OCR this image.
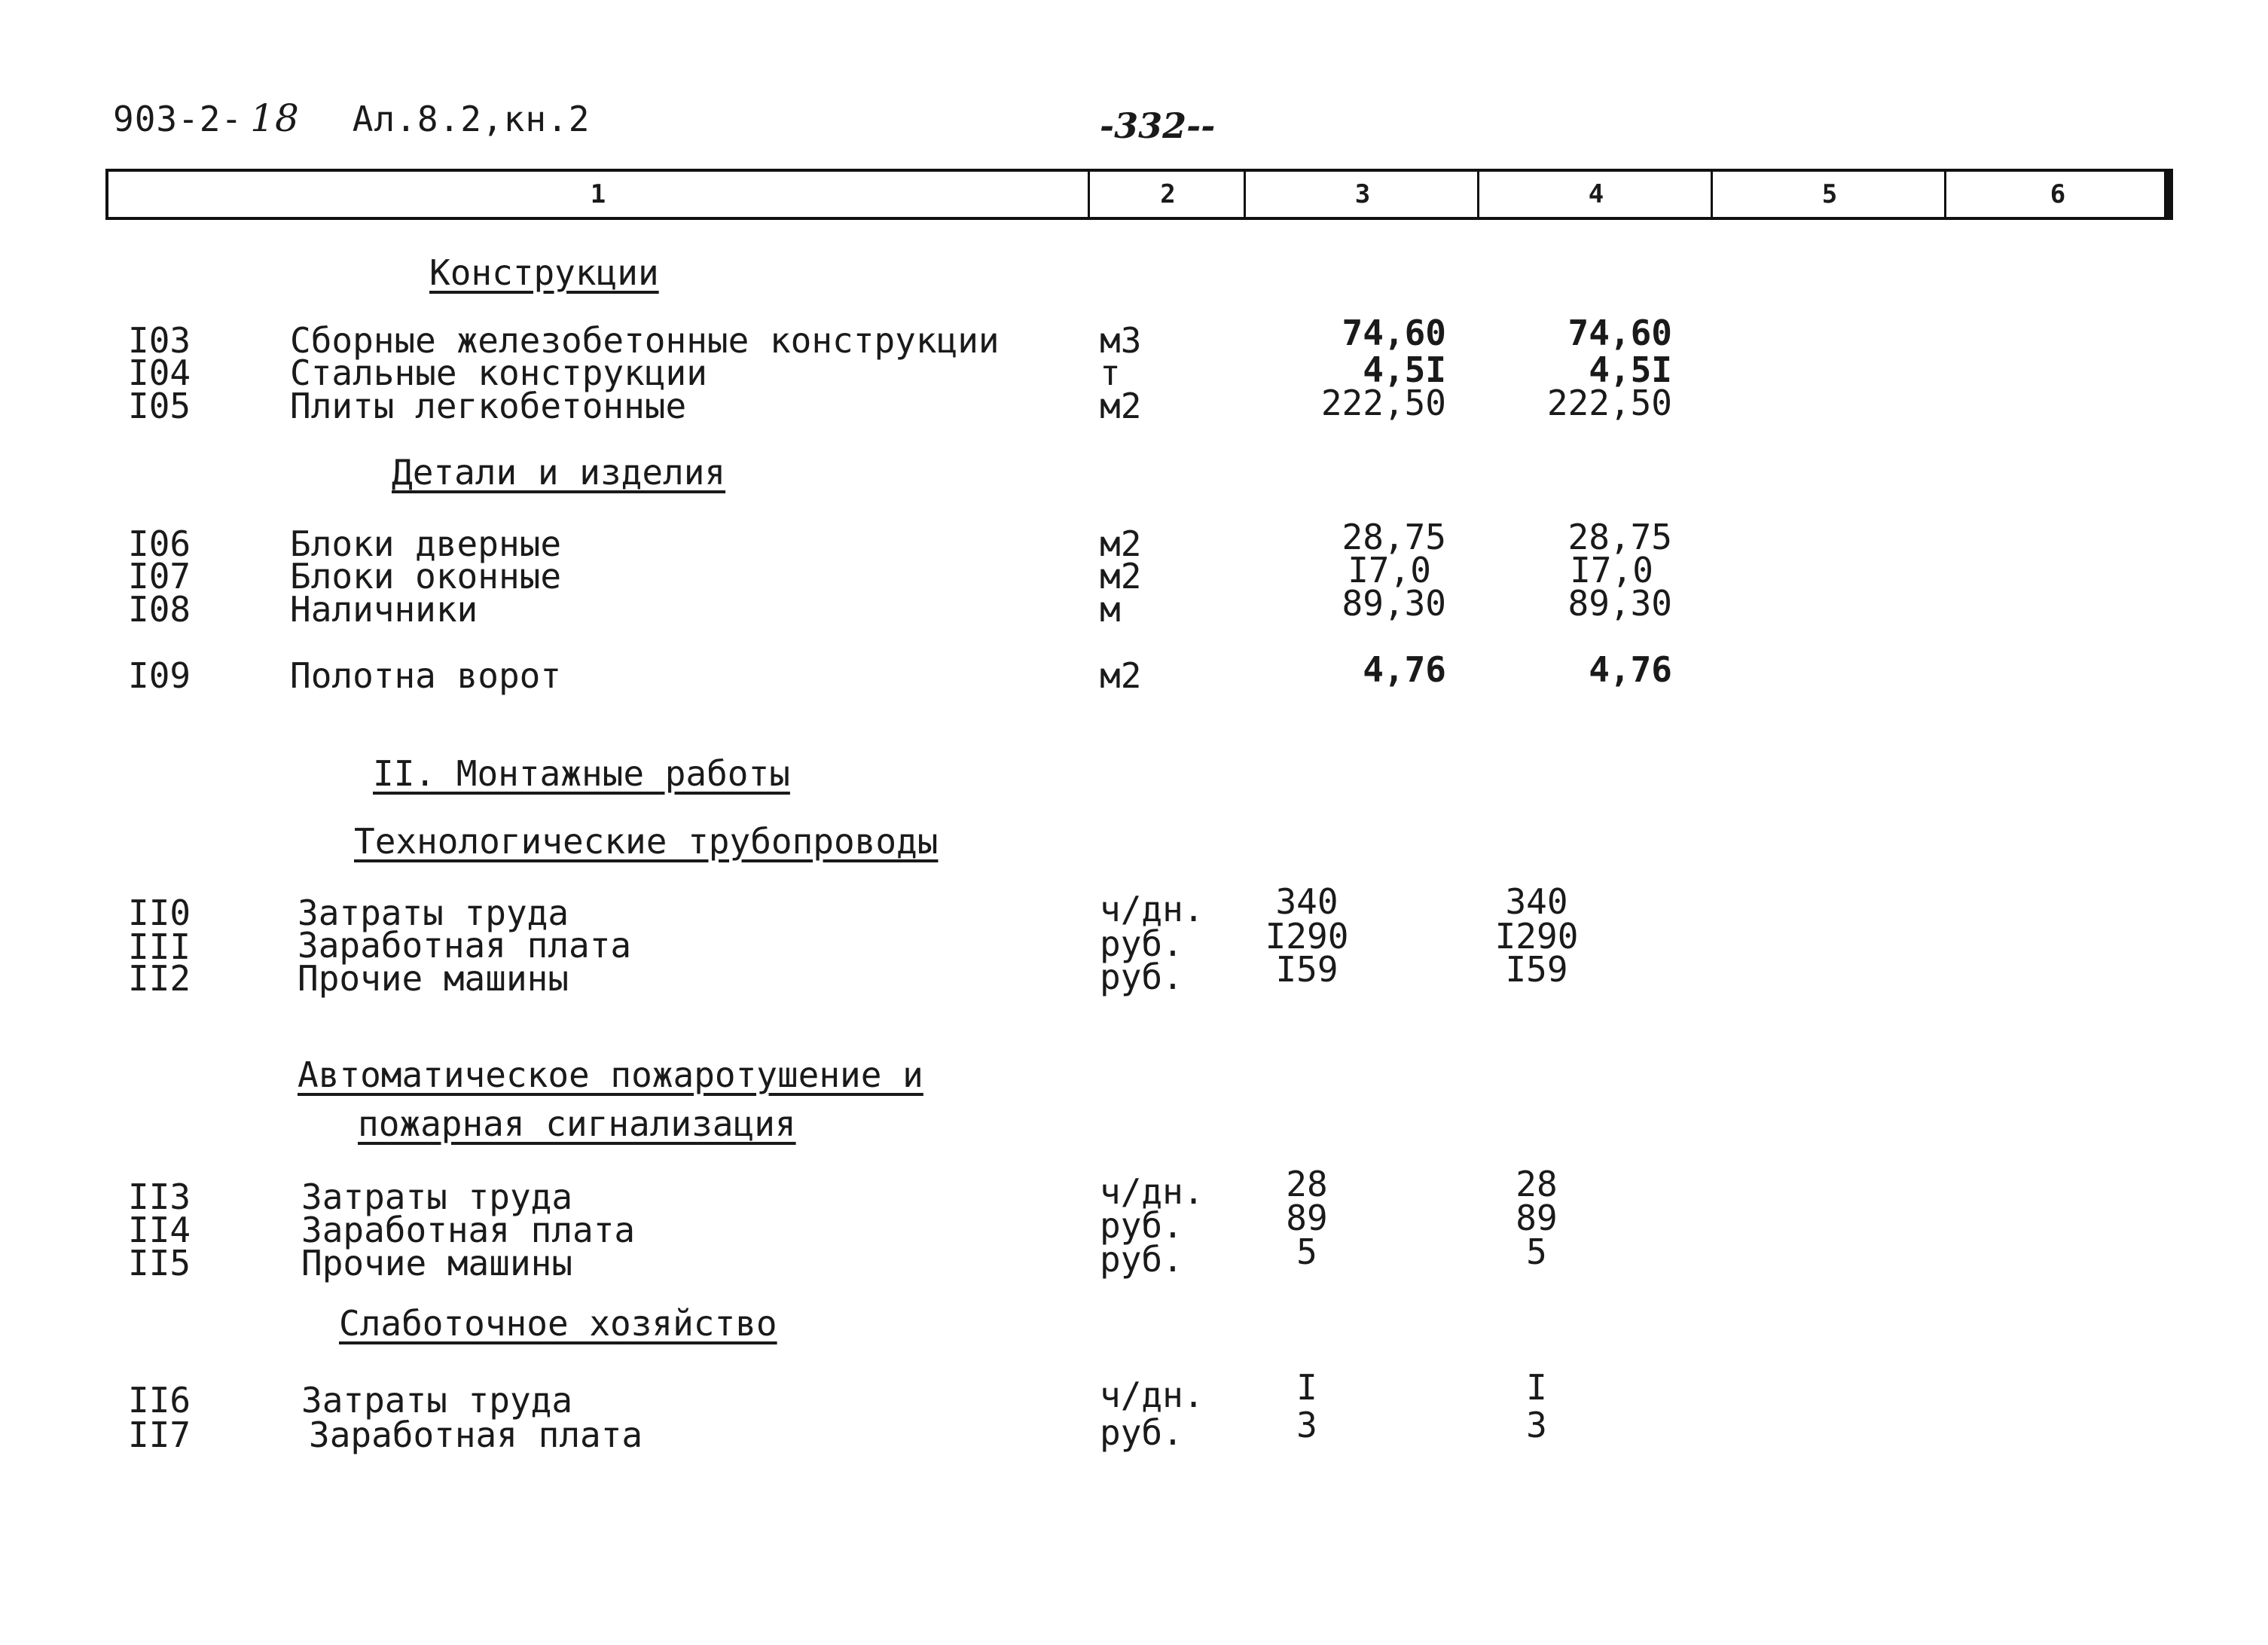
903-2- 18 Ал.8.2,кн.2	-332--
1	2	3	4	5	6
Конструкции
I03	Сборные железобетонные конструкции	м3	74,60	74,60
I04	Стальные конструкции	т	4,5I	4,5I
I05	Плиты легкобетонные	м2	222,50	222,50
Детали и изделия
I06	Блоки дверные	м2	28,75	28,75
I07	Блоки оконные	м2	I7,0	I7,0
I08	Наличники	м	89,30	89,30
I09	Полотна ворот	м2	4,76	4,76
II. Монтажные работы
Технологические трубопроводы
II0	Затраты труда	ч/дн.	340	340
III	Заработная плата	руб.	I290	I290
II2	Прочие машины	руб.	I59	I59
Автоматическое пожаротушение и
пожарная сигнализация
II3	Затраты труда	ч/дн.	28	28
II4	Заработная плата	руб.	89	89
II5	Прочие машины	руб.	5	5
Слаботочное хозяйство
II6	Затраты труда	ч/дн.	I	I
II7	Заработная плата	руб.	3	3
